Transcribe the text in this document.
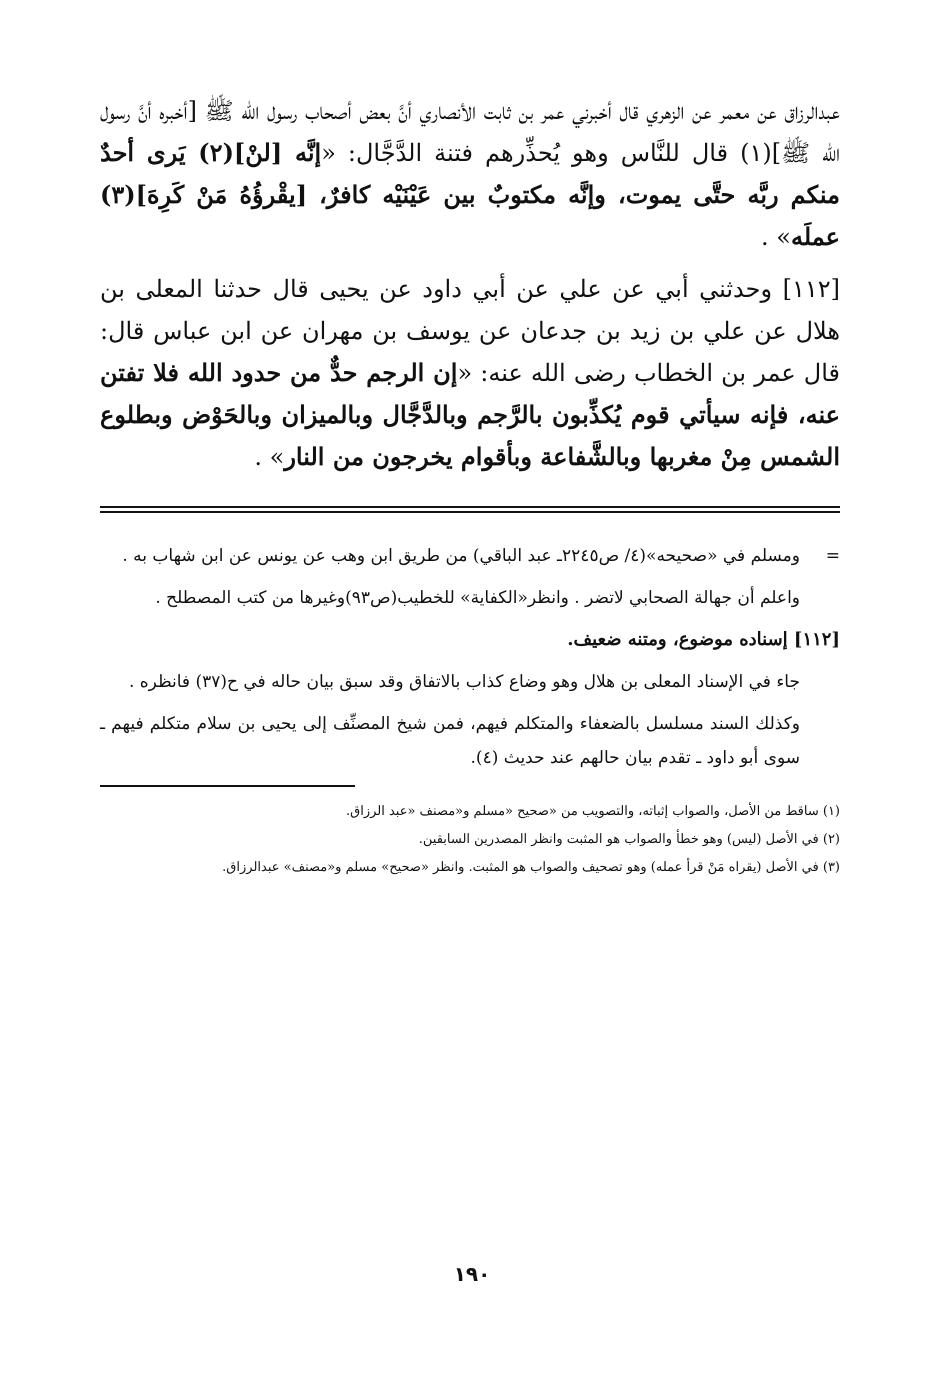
عبدالرزاق عن معمر عن الزهري قال أخبرني عمر بن ثابت الأنصاري أنَّ بعض أصحاب رسول الله ﷺ [أخبره أنَّ رسول الله ﷺ](١) قال للنَّاس وهو يُحذِّرهم فتنة الدَّجَّال: «إنَّه [لنْ](٢) يَرى أحدٌ منكم ربَّه حتَّى يموت، وإنَّه مكتوبٌ بين عَيْنَيْه كافرٌ، [يقْرؤُهُ مَنْ كَرِهَ](٣) عملَه» .

[١١٢] وحدثني أبي عن علي عن أبي داود عن يحيى قال حدثنا المعلى بن هلال عن علي بن زيد بن جدعان عن يوسف بن مهران عن ابن عباس قال: قال عمر بن الخطاب رضى الله عنه: «إن الرجم حدٌّ من حدود الله فلا تفتن عنه، فإنه سيأتي قوم يُكذِّبون بالرَّجم وبالدَّجَّال وبالميزان وبالحَوْض وبطلوع الشمس مِنْ مغربها وبالشَّفاعة وبأقوام يخرجون من النار» .

=
ومسلم في «صحيحه»(٤/ ص٢٢٤٥ـ عبد الباقي) من طريق ابن وهب عن يونس عن ابن شهاب به .

واعلم أن جهالة الصحابي لاتضر . وانظر«الكفاية» للخطيب(ص٩٣)وغيرها من كتب المصطلح .

[١١٢] إسناده موضوع، ومتنه ضعيف.

جاء في الإسناد المعلى بن هلال وهو وضاع كذاب بالاتفاق وقد سبق بيان حاله في ح(٣٧) فانظره .

وكذلك السند مسلسل بالضعفاء والمتكلم فيهم، فمن شيخ المصنِّف إلى يحيى بن سلام متكلم فيهم ـ سوى أبو داود ـ تقدم بيان حالهم عند حديث (٤).

(١) ساقط من الأصل، والصواب إثباته، والتصويب من «صحيح «مسلم و«مصنف «عبد الرزاق.

(٢) في الأصل (ليس) وهو خطأ والصواب هو المثبت وانظر المصدرين السابقين.

(٣) في الأصل (يقراه مَنْ قرأ عمله) وهو تصحيف والصواب هو المثبت. وانظر «صحيح» مسلم و«مصنف» عبدالرزاق.

١٩٠
